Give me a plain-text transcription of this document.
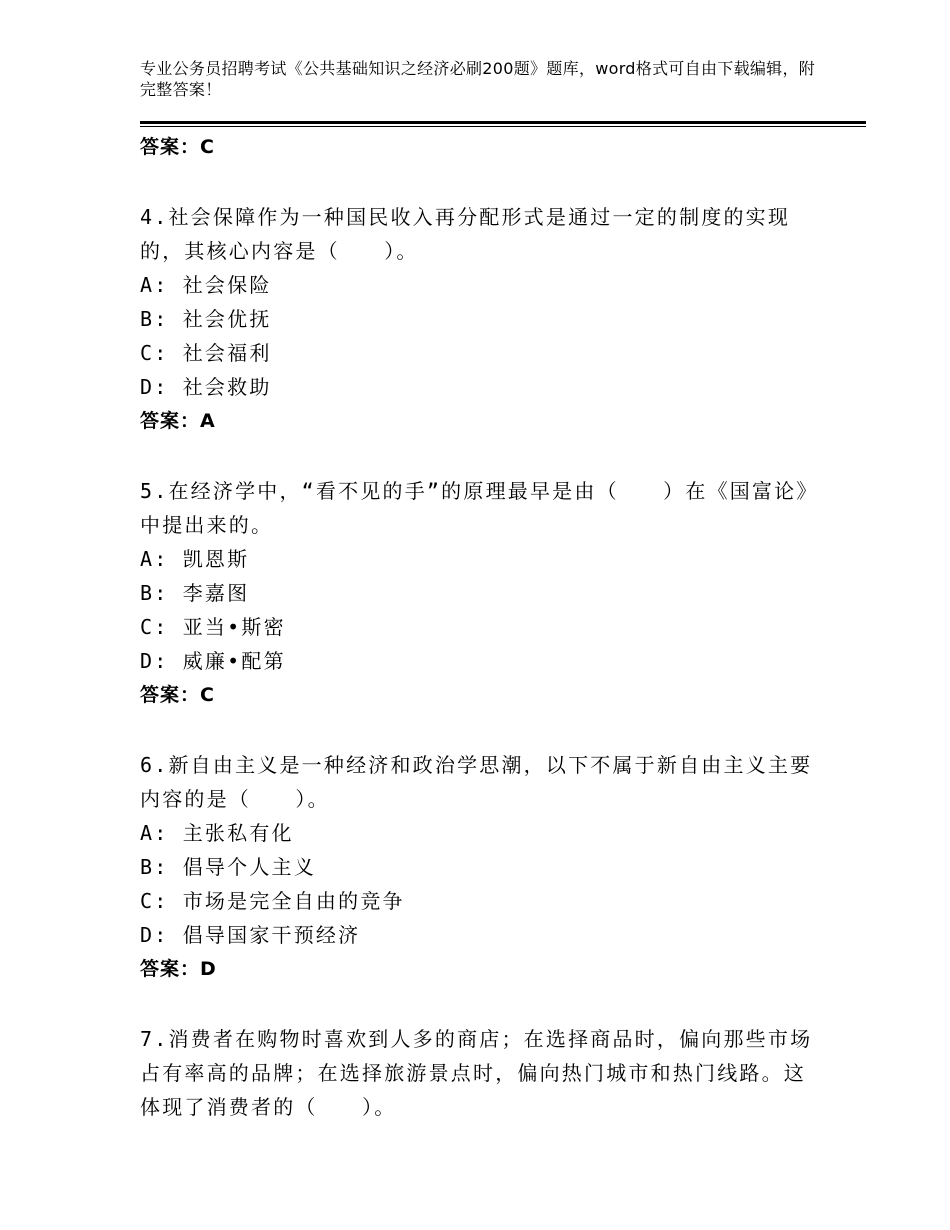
专业公务员招聘考试《公共基础知识之经济必刷200题》题库，word格式可自由下载编辑，附完整答案！
答案：C
4.社会保障作为一种国民收入再分配形式是通过一定的制度的实现的，其核心内容是（　　）。
A: 社会保险
B: 社会优抚
C: 社会福利
D: 社会救助
答案：A
5.在经济学中，“看不见的手”的原理最早是由（　　）在《国富论》中提出来的。
A: 凯恩斯
B: 李嘉图
C: 亚当•斯密
D: 威廉•配第
答案：C
6.新自由主义是一种经济和政治学思潮，以下不属于新自由主义主要内容的是（　　）。
A: 主张私有化
B: 倡导个人主义
C: 市场是完全自由的竞争
D: 倡导国家干预经济
答案：D
7.消费者在购物时喜欢到人多的商店；在选择商品时，偏向那些市场占有率高的品牌；在选择旅游景点时，偏向热门城市和热门线路。这体现了消费者的（　　）。
